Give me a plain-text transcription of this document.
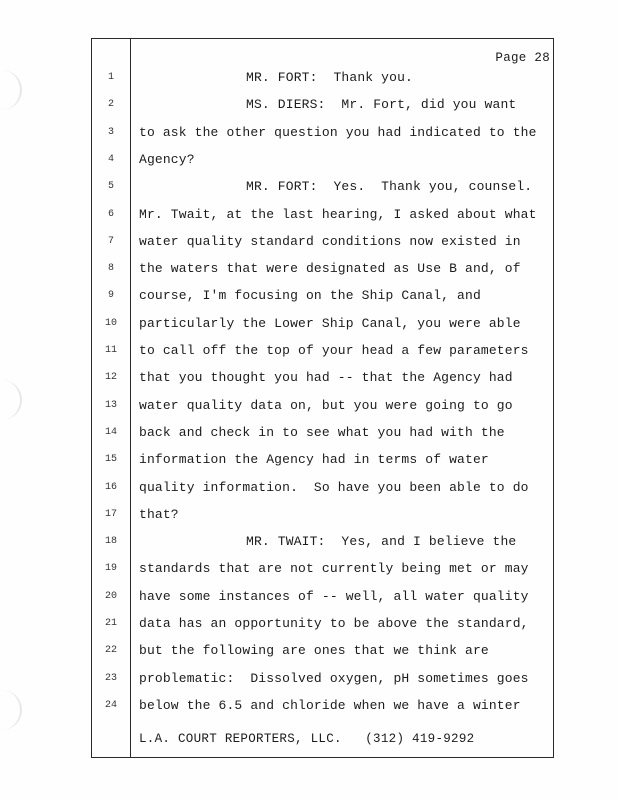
Page 28
1	MR. FORT:  Thank you.
2	MS. DIERS:  Mr. Fort, did you want
3	to ask the other question you had indicated to the
4	Agency?
5	MR. FORT:  Yes.  Thank you, counsel.
6	Mr. Twait, at the last hearing, I asked about what
7	water quality standard conditions now existed in
8	the waters that were designated as Use B and, of
9	course, I'm focusing on the Ship Canal, and
10	particularly the Lower Ship Canal, you were able
11	to call off the top of your head a few parameters
12	that you thought you had -- that the Agency had
13	water quality data on, but you were going to go
14	back and check in to see what you had with the
15	information the Agency had in terms of water
16	quality information.  So have you been able to do
17	that?
18	MR. TWAIT:  Yes, and I believe the
19	standards that are not currently being met or may
20	have some instances of -- well, all water quality
21	data has an opportunity to be above the standard,
22	but the following are ones that we think are
23	problematic:  Dissolved oxygen, pH sometimes goes
24	below the 6.5 and chloride when we have a winter
L.A. COURT REPORTERS, LLC.   (312) 419-9292
